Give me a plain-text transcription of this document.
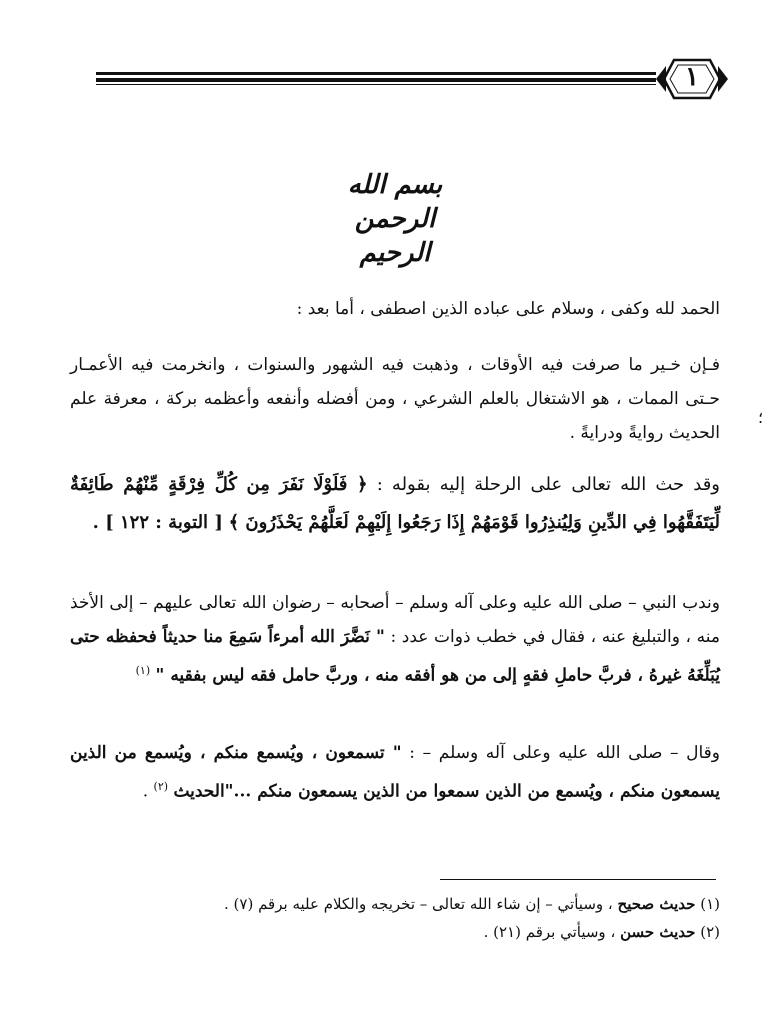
١
بسم الله الرحمن الرحيم
الحمد لله وكفى ، وسلام على عباده الذين اصطفى ، أما بعد :
فـإن خـير ما صرفت فيه الأوقات ، وذهبت فيه الشهور والسنوات ، وانخرمت فيه الأعمـار حـتى الممات ، هو الاشتغال بالعلم الشرعي ، ومن أفضله وأنفعه وأعظمه بركة ، معرفة علم الحديث روايةً ودرايةً .
وقد حث الله تعالى على الرحلة إليه بقوله : ﴿ فَلَوْلَا نَفَرَ مِن كُلِّ فِرْقَةٍ مِّنْهُمْ طَائِفَةٌ لِّيَتَفَقَّهُوا فِي الدِّينِ وَلِيُنذِرُوا قَوْمَهُمْ إِذَا رَجَعُوا إِلَيْهِمْ لَعَلَّهُمْ يَحْذَرُونَ ﴾ [ التوبة : ١٢٢ ] .
وندب النبي – صلى الله عليه وعلى آله وسلم – أصحابه – رضوان الله تعالى عليهم – إلى الأخذ منه ، والتبليغ عنه ، فقال في خطب ذوات عدد : " نَضَّرَ الله أمرءاً سَمِعَ منا حديثاً فحفظه حتى يُبَلِّغَهُ غيرهُ ، فربَّ حاملِ فقهٍ إلى من هو أفقه منه ، وربَّ حامل فقه ليس بفقيه " $^{(١)}$
وقال – صلى الله عليه وعلى آله وسلم – : " تسمعون ، ويُسمع منكم ، ويُسمع من الذين يسمعون منكم ، ويُسمع من الذين سمعوا من الذين يسمعون منكم ..."الحديث $^{(٢)}$ .
(١) حديث صحيح ، وسيأتي – إن شاء الله تعالى – تخريجه والكلام عليه برقم (٧) .
(٢) حديث حسن ، وسيأتي برقم (٢١) .
؛
